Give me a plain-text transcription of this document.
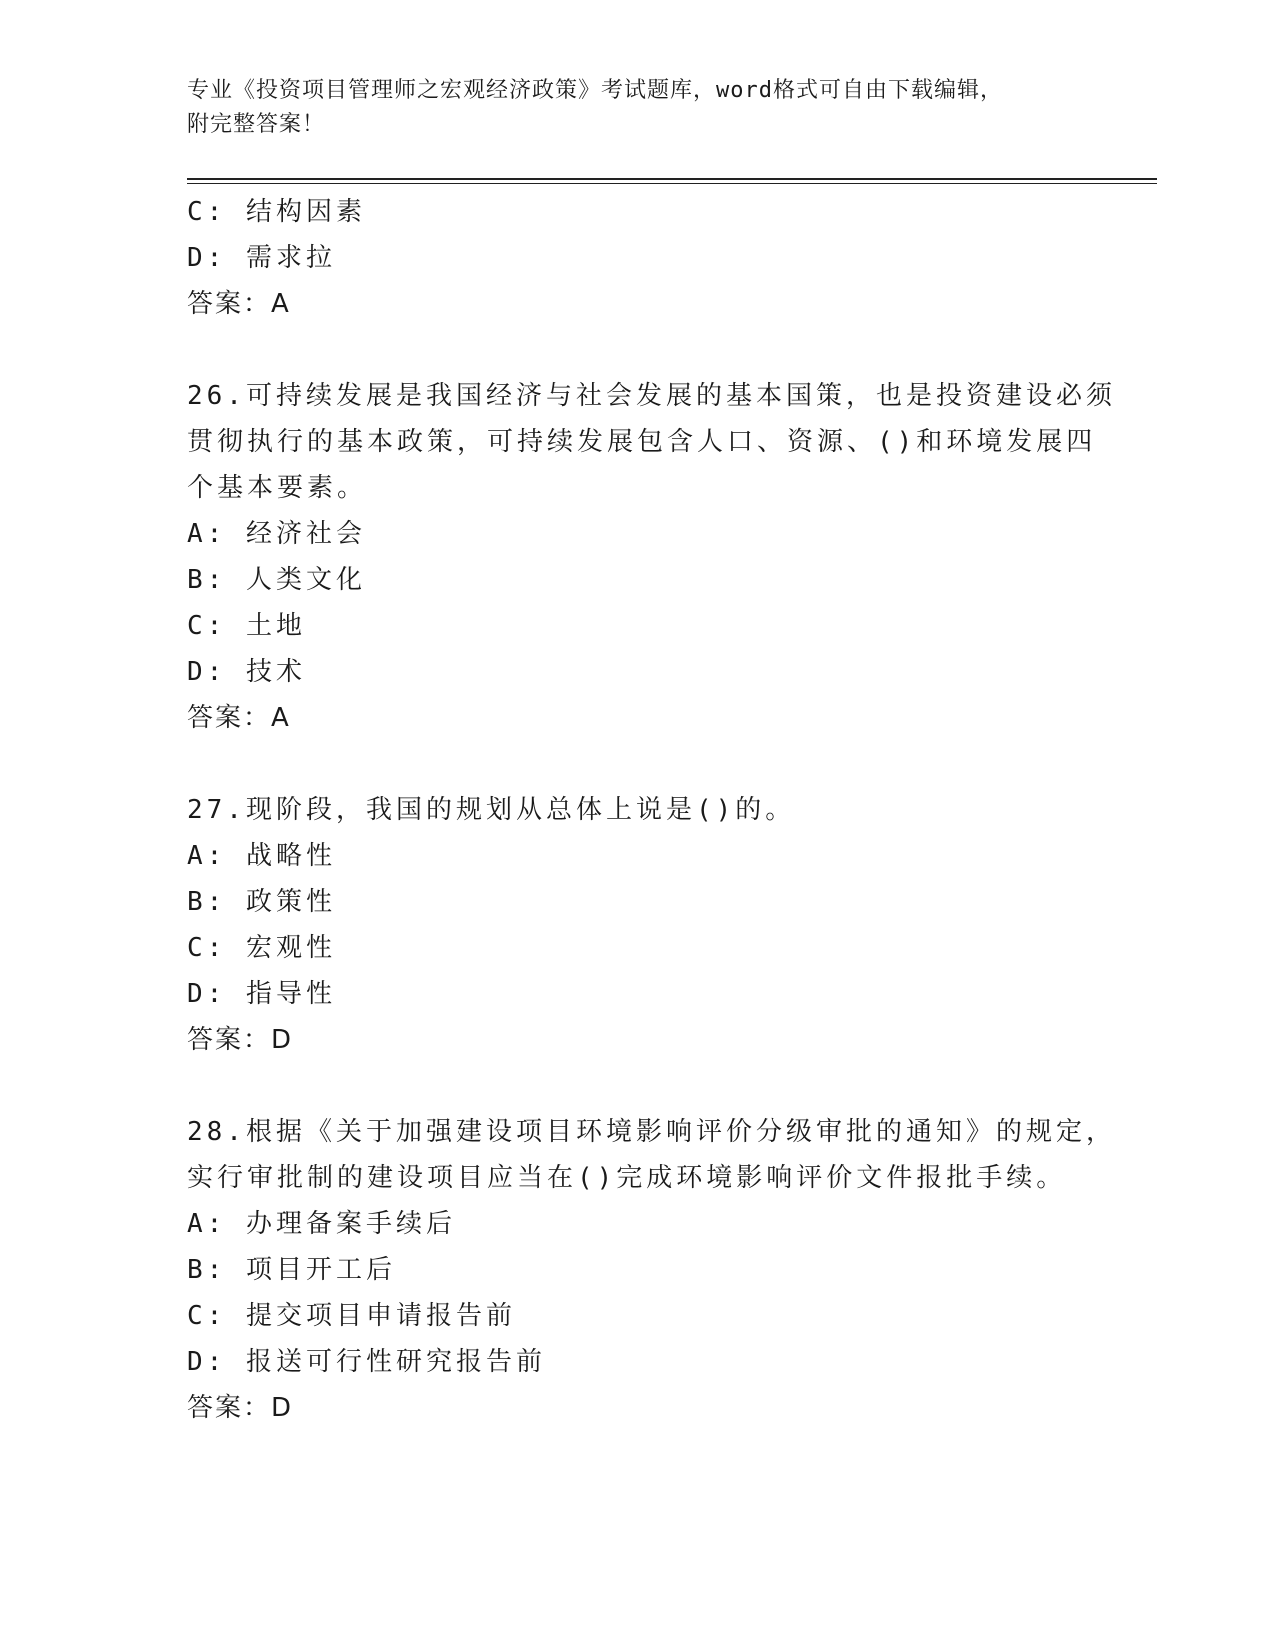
专业《投资项目管理师之宏观经济政策》考试题库，word格式可自由下载编辑，
附完整答案！
C: 结构因素
D: 需求拉
答案：A
26.可持续发展是我国经济与社会发展的基本国策，也是投资建设必须
贯彻执行的基本政策，可持续发展包含人口、资源、()和环境发展四
个基本要素。
A: 经济社会
B: 人类文化
C: 土地
D: 技术
答案：A
27.现阶段，我国的规划从总体上说是()的。
A: 战略性
B: 政策性
C: 宏观性
D: 指导性
答案：D
28.根据《关于加强建设项目环境影响评价分级审批的通知》的规定，
实行审批制的建设项目应当在()完成环境影响评价文件报批手续。
A: 办理备案手续后
B: 项目开工后
C: 提交项目申请报告前
D: 报送可行性研究报告前
答案：D
